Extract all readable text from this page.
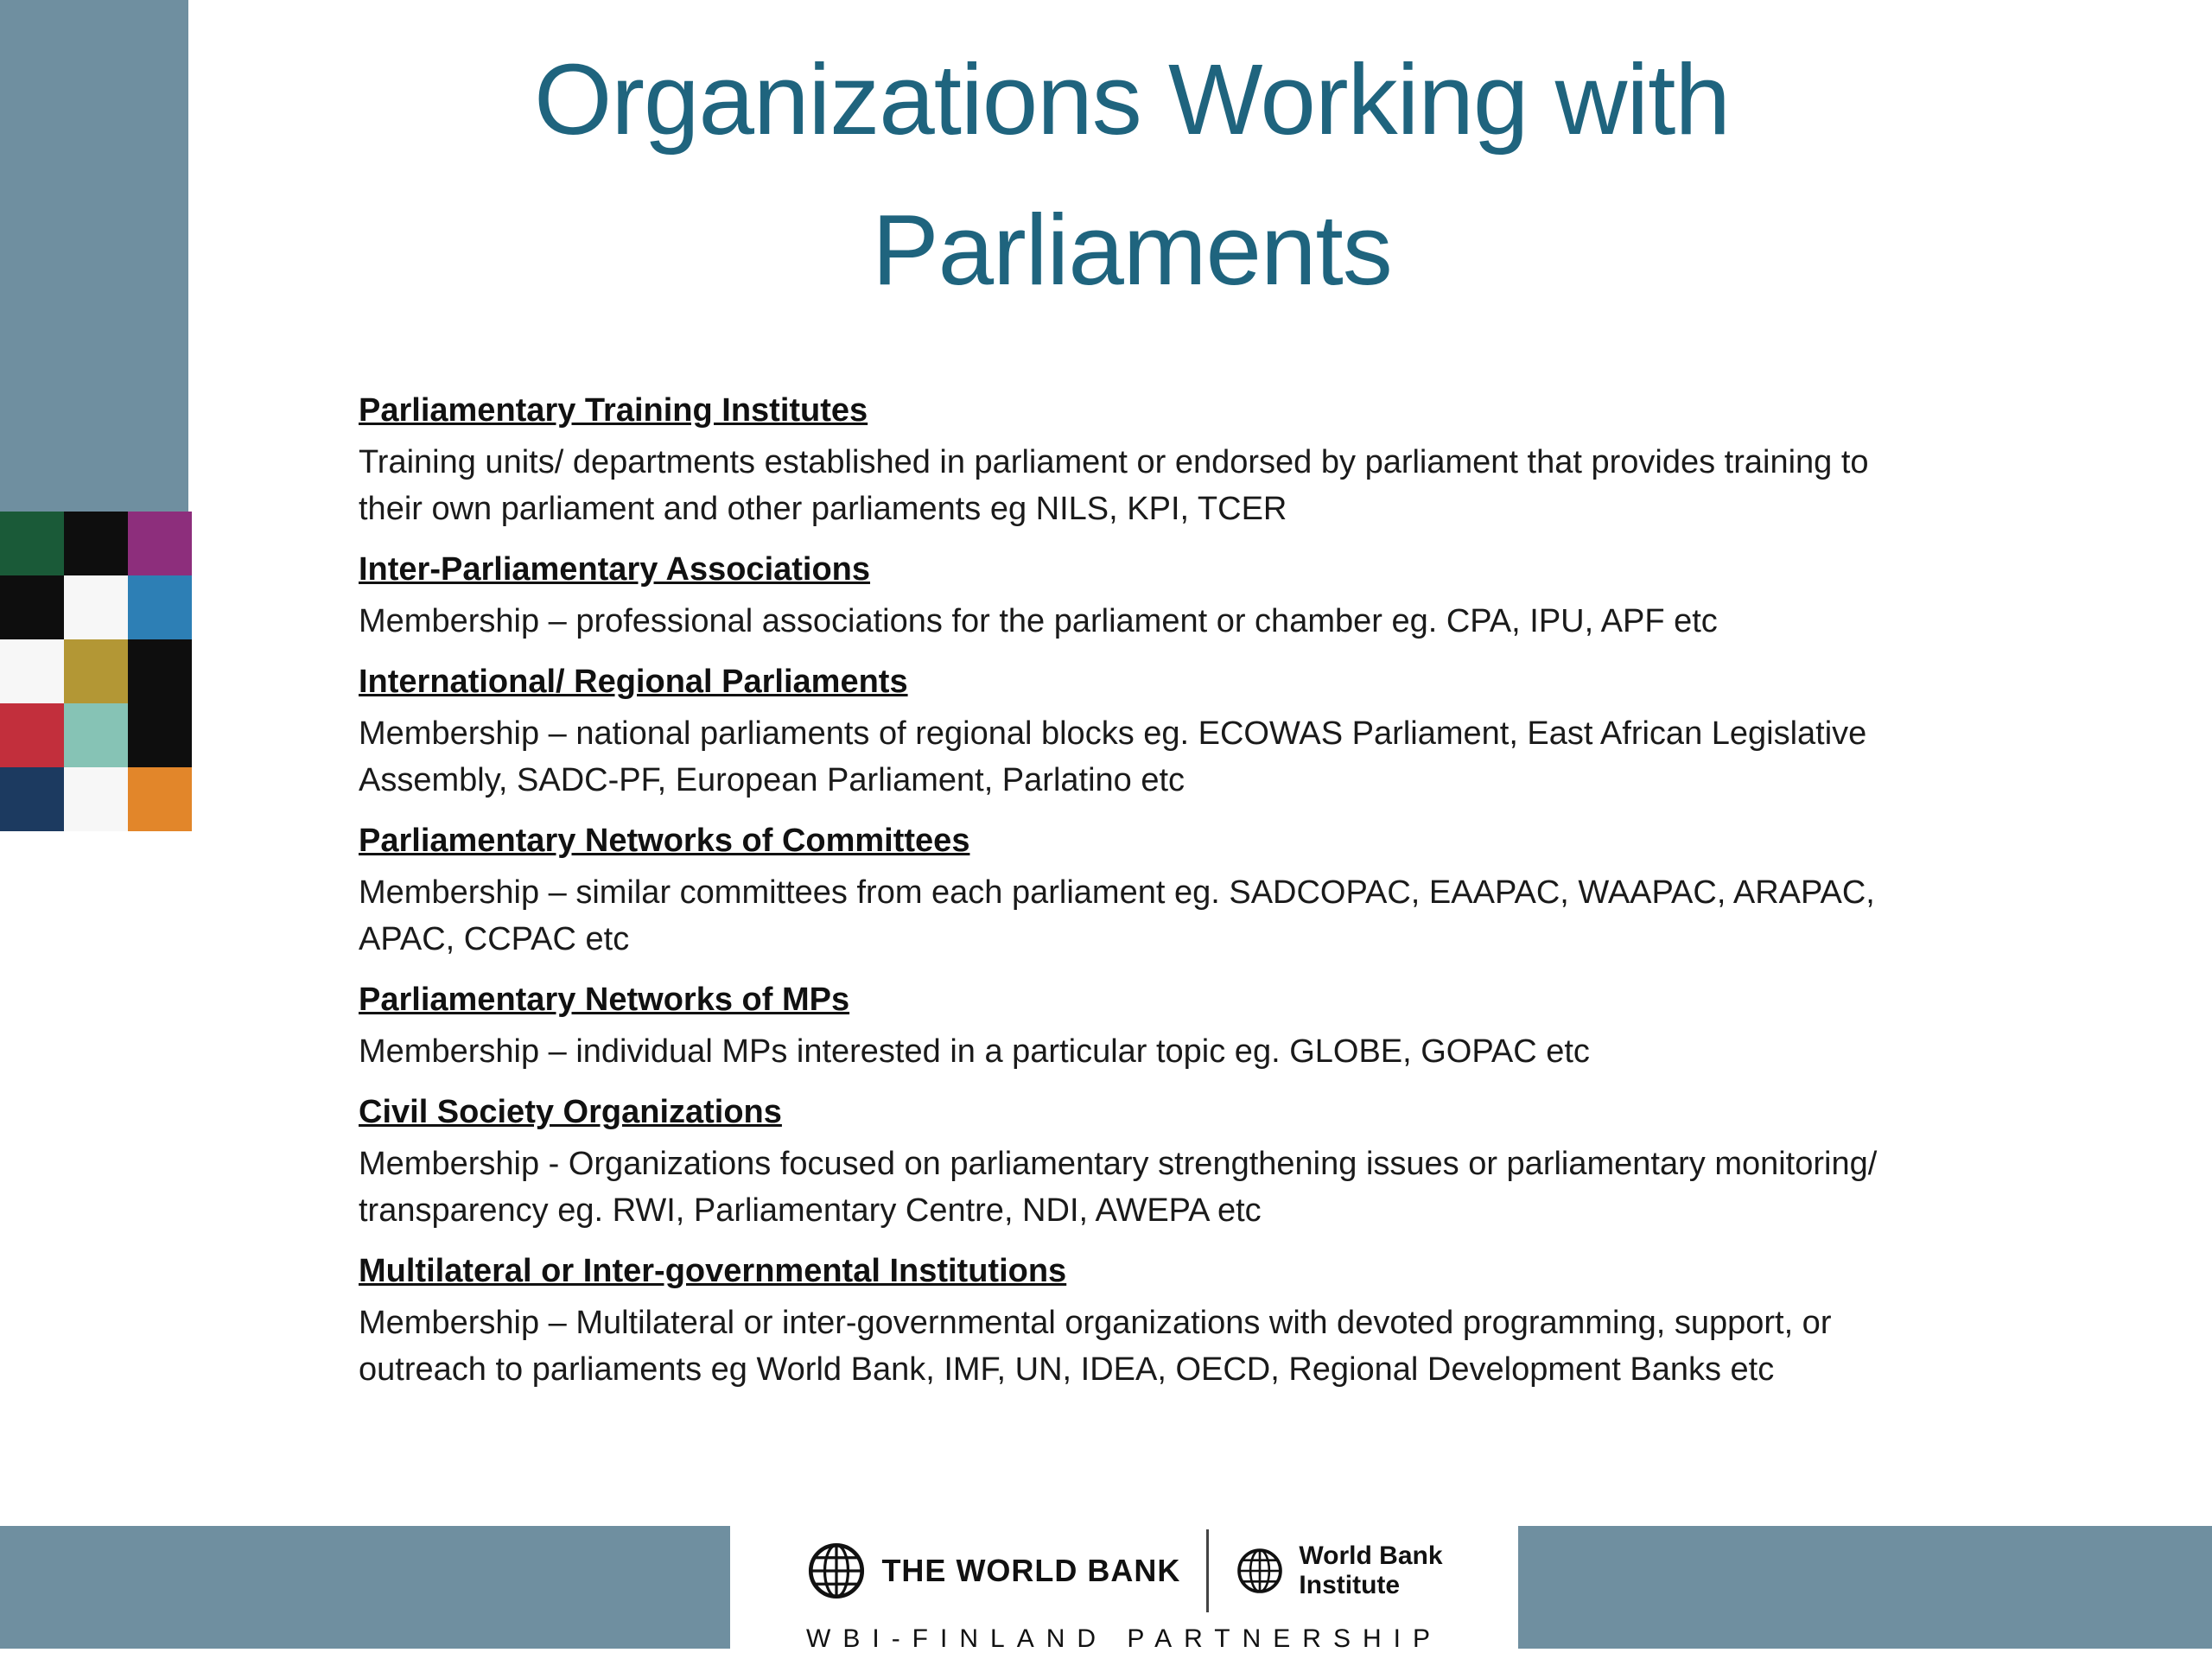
Organizations Working with
Parliaments
Parliamentary Training Institutes
Training units/ departments established in parliament or endorsed by parliament that provides training to their own parliament and other parliaments eg NILS, KPI, TCER
Inter-Parliamentary Associations
Membership – professional associations for the parliament or chamber eg. CPA, IPU, APF etc
International/ Regional Parliaments
Membership – national parliaments of regional blocks eg. ECOWAS Parliament, East African Legislative Assembly, SADC-PF, European Parliament, Parlatino etc
Parliamentary Networks of Committees
Membership – similar committees from each parliament eg. SADCOPAC, EAAPAC, WAAPAC, ARAPAC, APAC, CCPAC etc
Parliamentary Networks of MPs
Membership – individual MPs interested in a particular topic eg. GLOBE, GOPAC etc
Civil Society Organizations
Membership - Organizations focused on parliamentary strengthening issues or parliamentary monitoring/ transparency eg. RWI, Parliamentary Centre, NDI, AWEPA etc
Multilateral or Inter-governmental Institutions
Membership – Multilateral or inter-governmental organizations with devoted programming, support, or outreach to parliaments eg World Bank, IMF, UN, IDEA, OECD, Regional Development Banks etc
THE WORLD BANK	World Bank
Institute
WBI-FINLAND PARTNERSHIP
